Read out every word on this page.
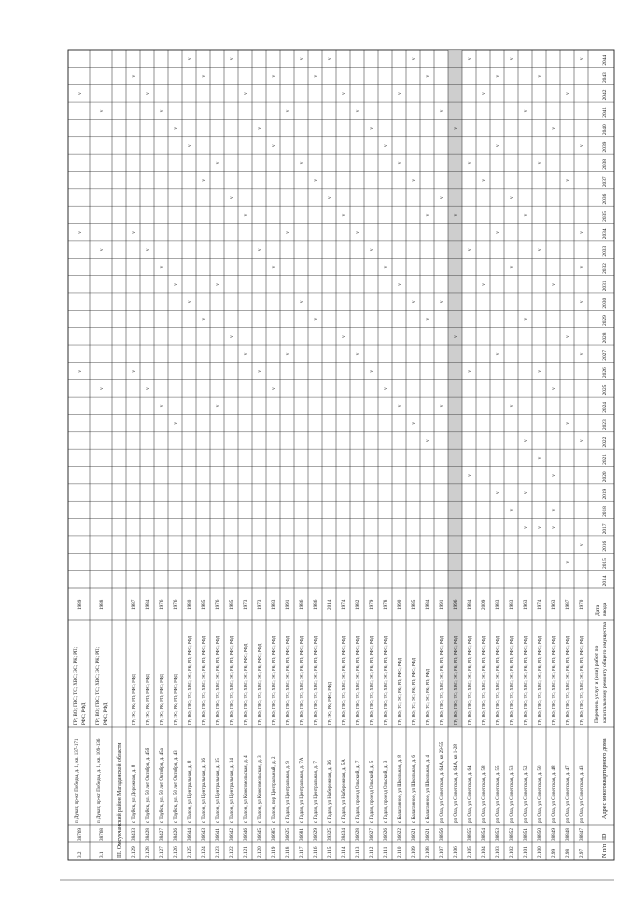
N п/п
ID
Адрес многоквартирного дома
Перечень услуг и (или) работ по капитальному ремонту общего имущества
Датаввода
2014
2015
2016
2017
2018
2019
2020
2021
2022
2023
2024
2025
2026
2027
2028
2029
2030
2031
2032
2033
2034
2035
2036
2037
2038
2039
2040
2041
2042
2043
2044
2.97
38847
рп Ола, ул Советская, д. 43
ГР; ВО; ГВС; ТС; ХВС; ЭС; РК; РП; РФС; РФД
1970
v
v
v
v
v
v
v
v
2.98
38848
рп Ола, ул Советская, д. 47
ГР; ВО; ГВС; ТС; ХВС; ЭС; РК; РП; РФС; РФД
1987
v
v
v
v
v
2.99
38849
рп Ола, ул Советская, д. 48
ГР; ВО; ГВС; ТС; ХВС; ЭС; РК; РП; РФС; РФД
1963
v
v
v
v
v
v
2.100
38850
рп Ола, ул Советская, д. 50
ГР; ВО; ГВС; ТС; ХВС; ЭС; РК; РП; РФС; РФД
1974
v
v
v
v
v
v
2.101
38851
рп Ола, ул Советская, д. 52
ГР; ВО; ГВС; ТС; ХВС; ЭС; РК; РП; РФС; РФД
1963
v
v
v
v
v
v
2.102
38852
рп Ола, ул Советская, д. 53
ГР; ВО; ГВС; ТС; ХВС; ЭС; РК; РП; РФС; РФД
1983
v
v
v
v
v
2.103
38853
рп Ола, ул Советская, д. 55
ГР; ВО; ГВС; ТС; ХВС; ЭС; РК; РП; РФС; РФД
1983
v
v
v
v
v
2.104
38854
рп Ола, ул Советская, д. 58
ГР; ВО; ГВС; ТС; ХВС; ЭС; РК; РП; РФС; РФД
2009
v
v
v
2.105
38855
рп Ола, ул Советская, д. 64
ГР; ВО; ГВС; ТС; ХВС; ЭС; РК; РП; РФС; РФД
1984
v
v
v
v
v
2.106
рп Ола, ул Советская, д. 64А, кв 1-28
ГР; ВО; ГВС; ТС; ХВС; ЭС; РК; РП; РФС; РФД
1996
v
v
v
2.107
38856
рп Ола, ул Советская, д. 64А, кв 29-55
ГР; ВО; ГВС; ТС; ХВС; ЭС; РК; РП; РФС; РФД
1991
v
v
v
v
2.108
36621
с Балаганное, ул Школьная, д. 4
ГР; ВО; ТС; ЭС; РК; РП; РФД
1984
v
v
v
v
2.109
36621
с Балаганное, ул Школьная, д. 6
ГР; ВО; ТС; ЭС; РК; РП; РФС; РФД
1985
v
v
v
v
2.110
36622
с Балаганное, ул Школьная, д. 8
ГР; ВО; ТС; ЭС; РК; РП; РФС; РФД
1990
v
v
v
v
2.111
36626
с Гадля, проезд Ольский, д. 3
ГР; ВО; ГВС; ТС; ХВС; ЭС; РК; РП; РФС; РФД
1978
v
v
v
2.112
36627
с Гадля, проезд Ольский, д. 5
ГР; ВО; ГВС; ТС; ХВС; ЭС; РК; РП; РФС; РФД
1979
v
v
v
2.113
36628
с Гадля, проезд Ольский, д. 7
ГР; ВО; ГВС; ТС; ХВС; ЭС; РК; РП; РФС; РФД
1982
v
v
v
2.114
38434
с Гадля, ул Набережная, д. 5А
ГР; ВО; ГВС; ТС; ХВС; ЭС; РК; РП; РФС; РФД
1974
v
v
v
2.115
39325
с Гадля, ул Набережная, д. 36
ГР; ЭС; РК; РФС; РФД
2014
v
v
2.116
36629
с Гадля, ул Центральная, д. 7
ГР; ВО; ГВС; ТС; ХВС; ЭС; РК; РП; РФС; РФД
1986
v
v
v
2.117
36681
с Гадля, ул Центральная, д. 7А
ГР; ВО; ГВС; ТС; ХВС; ЭС; РК; РП; РФС; РФД
1986
v
v
v
2.118
36625
с Гадля, ул Центральная, д. 9
ГР; ВО; ГВС; ТС; ХВС; ЭС; РК; РП; РФС; РФД
1991
v
v
v
2.119
36685
с Талон, пер Центральный, д. 2
ГР; ВО; ГВС; ТС; ХВС; ЭС; РК; РП; РФС; РФД
1983
v
v
v
v
2.120
36645
с Талон, ул Комсомольская, д. 3
ГР; ВО; ГВС; ТС; ХВС; ЭС; РК; РФС; РФД
1973
v
v
v
2.121
36646
с Талон, ул Комсомольская, д. 4
ГР; ВО; ГВС; ТС; ХВС; ЭС; РК; РФС; РФД
1973
v
v
v
2.122
36642
с Талон, ул Центральная, д. 14
ГР; ВО; ГВС; ТС; ХВС; ЭС; РК; РП; РФС; РФД
1985
v
v
v
2.123
36641
с Талон, ул Центральная, д. 15
ГР; ВО; ГВС; ТС; ХВС; ЭС; РК; РП; РФС; РФД
1976
v
v
v
2.124
36643
с Талон, ул Центральная, д. 16
ГР; ВО; ГВС; ТС; ХВС; ЭС; РК; РП; РФС; РФД
1985
v
v
v
2.125
36644
с Талон, ул Центральная, д. 8
ГР; ВО; ГВС; ТС; ХВС; ЭС; РК; РП; РФС; РФД
1980
v
v
v
2.126
38426
с Тауйск, ул. 50 лет Октября, д. 43
ГР; ЭС; РК; РП; РФС; РФД
1976
v
v
v
2.127
38427
с Тауйск, ул. 50 лет Октября, д. 45а
ГР; ЭС; РК; РП; РФС; РФД
1976
v
v
v
2.128
38428
с Тауйск, ул. 50 лет Октября, д. 45б
ГР; ЭС; РК; РП; РФС; РФД
1984
v
v
v
2.129
38433
с Тауйск, ул Дорожная, д. 8
ГР; ЭС; РК; РП; РФС; РФД
1987
v
v
v
III. Омсукчанский район Магаданской области
3.1
38768
п Дукат, пр-кт Победы, д. 1, кв. 109-136
ГР; ВО; ГВС; ТС; ХВС; ЭС; РК; РП; РФС; РФД
1988
v
v
v
3.2
38769
п Дукат, пр-кт Победы, д. 1, кв. 137-171
ГР; ВО; ГВС; ТС; ХВС; ЭС; РК; РП; РФС; РФД
1989
v
v
v
